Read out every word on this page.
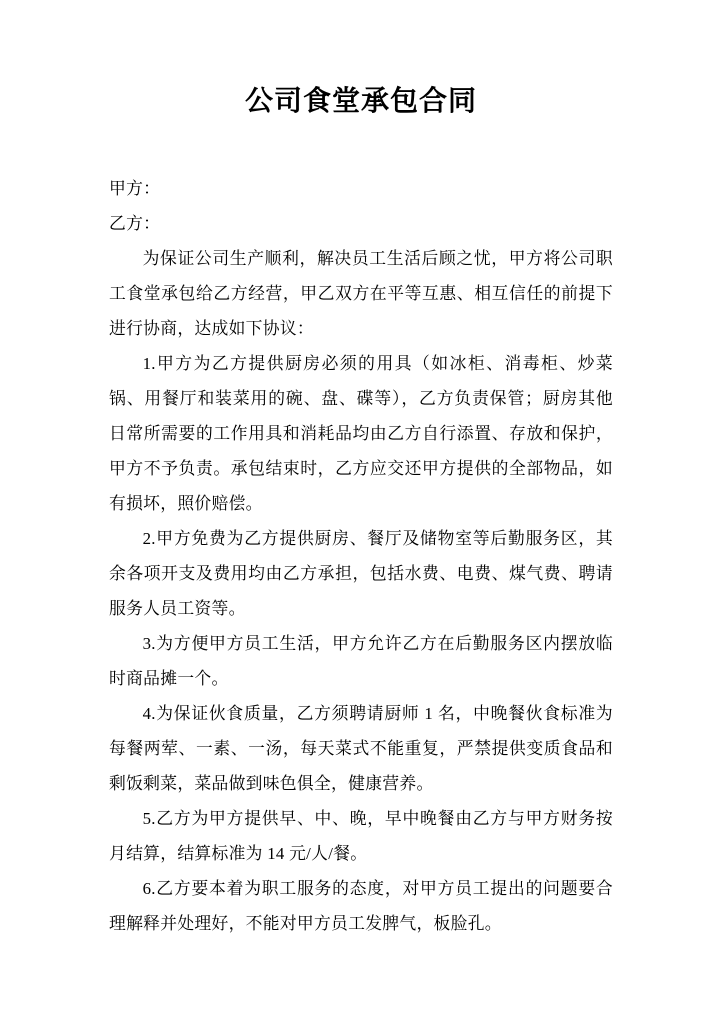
公司食堂承包合同

甲方：

乙方：

为保证公司生产顺利，解决员工生活后顾之忧，甲方将公司职工食堂承包给乙方经营，甲乙双方在平等互惠、相互信任的前提下进行协商，达成如下协议：

1.甲方为乙方提供厨房必须的用具（如冰柜、消毒柜、炒菜锅、用餐厅和装菜用的碗、盘、碟等），乙方负责保管；厨房其他日常所需要的工作用具和消耗品均由乙方自行添置、存放和保护，甲方不予负责。承包结束时，乙方应交还甲方提供的全部物品，如有损坏，照价赔偿。

2.甲方免费为乙方提供厨房、餐厅及储物室等后勤服务区，其余各项开支及费用均由乙方承担，包括水费、电费、煤气费、聘请服务人员工资等。

3.为方便甲方员工生活，甲方允许乙方在后勤服务区内摆放临时商品摊一个。

4.为保证伙食质量，乙方须聘请厨师 1 名，中晚餐伙食标准为每餐两荤、一素、一汤，每天菜式不能重复，严禁提供变质食品和剩饭剩菜，菜品做到味色俱全，健康营养。

5.乙方为甲方提供早、中、晚，早中晚餐由乙方与甲方财务按月结算，结算标准为 14 元/人/餐。

6.乙方要本着为职工服务的态度，对甲方员工提出的问题要合理解释并处理好，不能对甲方员工发脾气，板脸孔。
